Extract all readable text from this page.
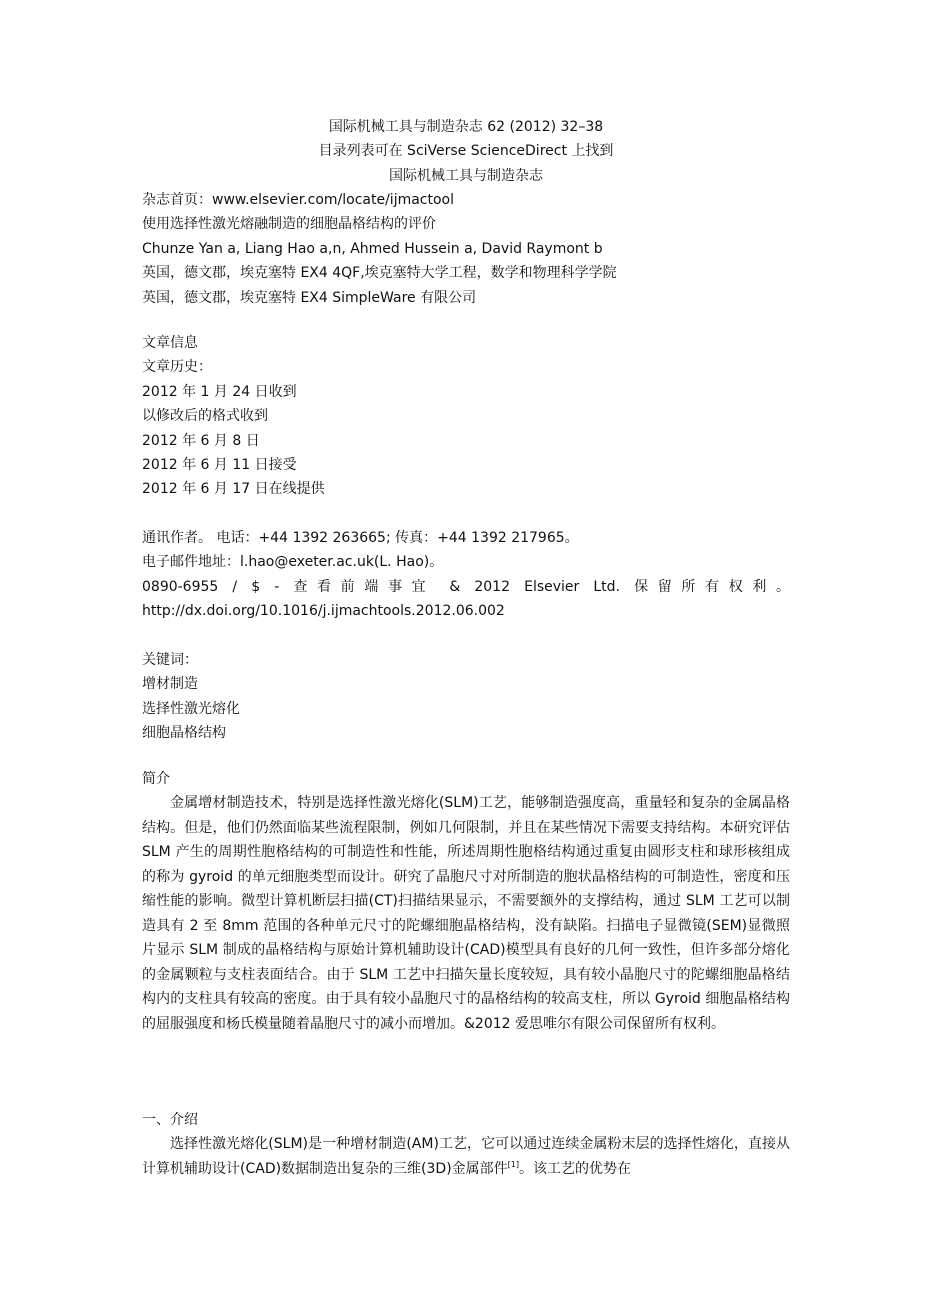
国际机械工具与制造杂志 62 (2012) 32–38
目录列表可在 SciVerse ScienceDirect 上找到
国际机械工具与制造杂志
杂志首页：www.elsevier.com/locate/ijmactool
使用选择性激光熔融制造的细胞晶格结构的评价
Chunze Yan a, Liang Hao a,n, Ahmed Hussein a, David Raymont b
英国，德文郡，埃克塞特 EX4 4QF,埃克塞特大学工程，数学和物理科学学院
英国，德文郡，埃克塞特 EX4 SimpleWare 有限公司
文章信息
文章历史：
2012 年 1 月 24 日收到
以修改后的格式收到
2012 年 6 月 8 日
2012 年 6 月 11 日接受
2012 年 6 月 17 日在线提供
通讯作者。 电话：+44 1392 263665; 传真：+44 1392 217965。
电子邮件地址：l.hao@exeter.ac.uk(L. Hao)。
0890-6955 / $ - 查看前端事宜 & 2012 Elsevier Ltd. 保留所有权利。
http://dx.doi.org/10.1016/j.ijmachtools.2012.06.002
关键词：
增材制造
选择性激光熔化
细胞晶格结构
简介
金属增材制造技术，特别是选择性激光熔化(SLM)工艺，能够制造强度高，重量轻和复杂的金属晶格结构。但是，他们仍然面临某些流程限制，例如几何限制，并且在某些情况下需要支持结构。本研究评估 SLM 产生的周期性胞格结构的可制造性和性能，所述周期性胞格结构通过重复由圆形支柱和球形核组成的称为 gyroid 的单元细胞类型而设计。研究了晶胞尺寸对所制造的胞状晶格结构的可制造性，密度和压缩性能的影响。微型计算机断层扫描(CT)扫描结果显示，不需要额外的支撑结构，通过 SLM 工艺可以制造具有 2 至 8mm 范围的各种单元尺寸的陀螺细胞晶格结构，没有缺陷。扫描电子显微镜(SEM)显微照片显示 SLM 制成的晶格结构与原始计算机辅助设计(CAD)模型具有良好的几何一致性，但许多部分熔化的金属颗粒与支柱表面结合。由于 SLM 工艺中扫描矢量长度较短，具有较小晶胞尺寸的陀螺细胞晶格结构内的支柱具有较高的密度。由于具有较小晶胞尺寸的晶格结构的较高支柱，所以 Gyroid 细胞晶格结构的屈服强度和杨氏模量随着晶胞尺寸的减小而增加。&2012 爱思唯尔有限公司保留所有权利。
一、介绍
选择性激光熔化(SLM)是一种增材制造(AM)工艺，它可以通过连续金属粉末层的选择性熔化，直接从计算机辅助设计(CAD)数据制造出复杂的三维(3D)金属部件[1]。该工艺的优势在
